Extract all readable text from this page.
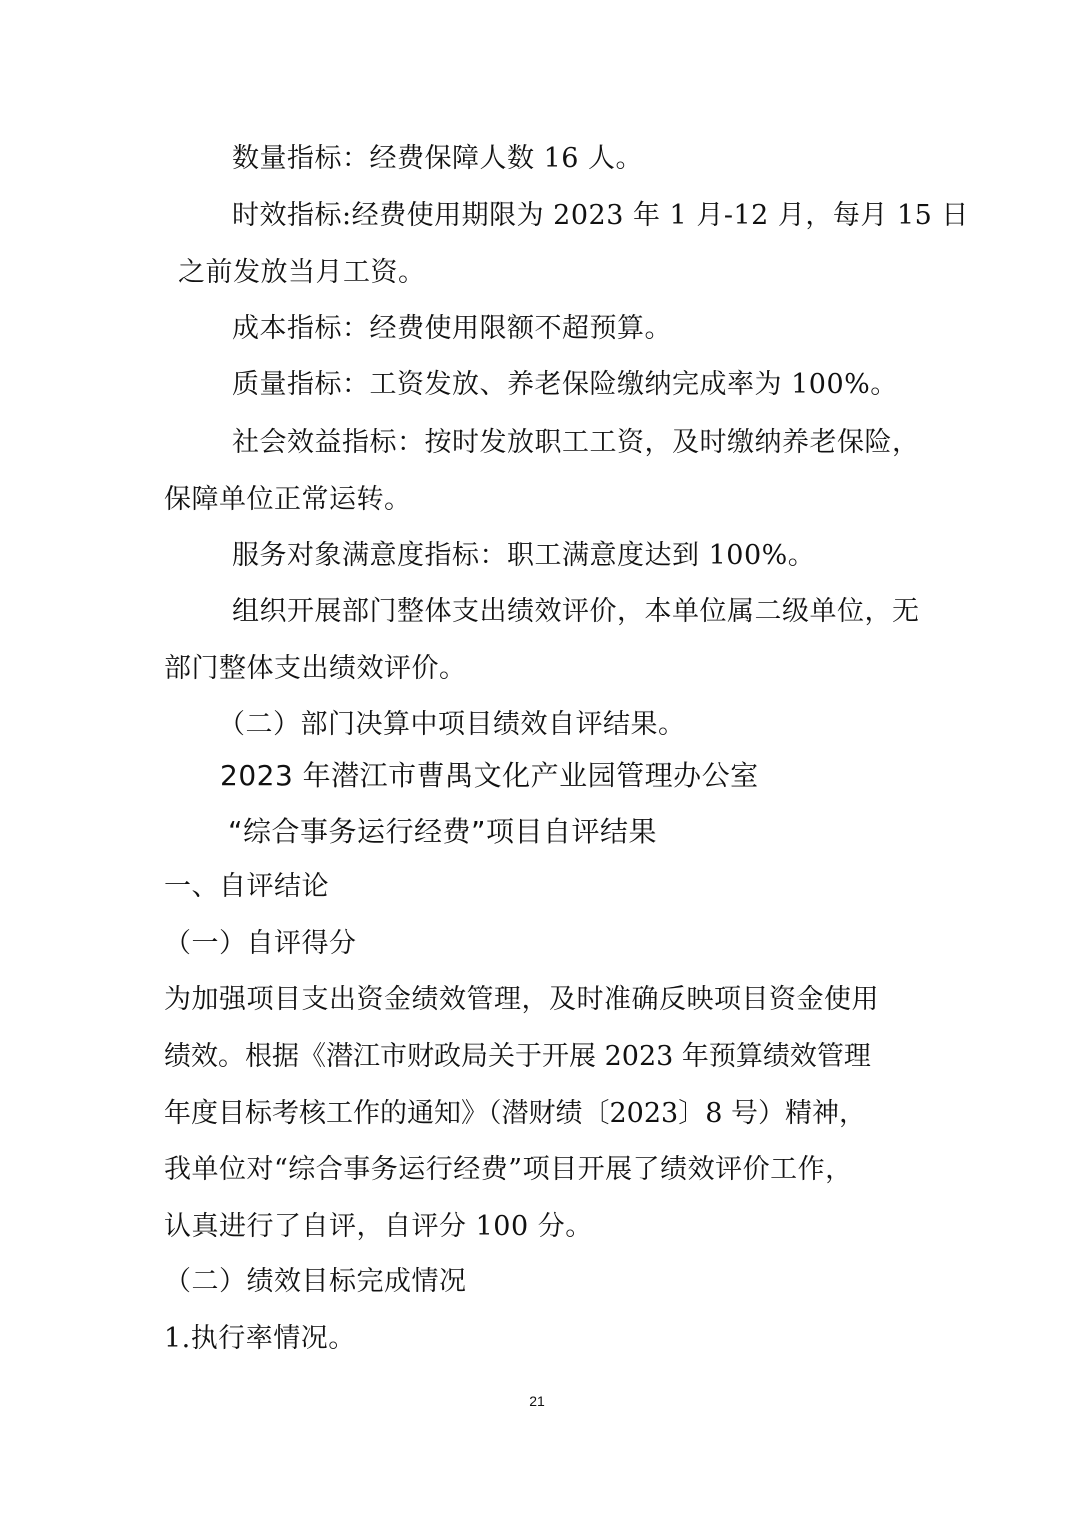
数量指标：经费保障人数 16 人。

时效指标:经费使用期限为 2023 年 1 月-12 月，每月 15 日

之前发放当月工资。

成本指标：经费使用限额不超预算。

质量指标：工资发放、养老保险缴纳完成率为 100%。

社会效益指标：按时发放职工工资，及时缴纳养老保险，

保障单位正常运转。

服务对象满意度指标：职工满意度达到 100%。

组织开展部门整体支出绩效评价，本单位属二级单位，无

部门整体支出绩效评价。

（二）部门决算中项目绩效自评结果。

2023 年潜江市曹禺文化产业园管理办公室

“综合事务运行经费”项目自评结果

一、自评结论

（一）自评得分

为加强项目支出资金绩效管理，及时准确反映项目资金使用

绩效。根据《潜江市财政局关于开展 2023 年预算绩效管理

年度目标考核工作的通知》（潜财绩〔2023〕8 号）精神，

我单位对“综合事务运行经费”项目开展了绩效评价工作，

认真进行了自评，自评分 100 分。

（二）绩效目标完成情况

1.执行率情况。

21
